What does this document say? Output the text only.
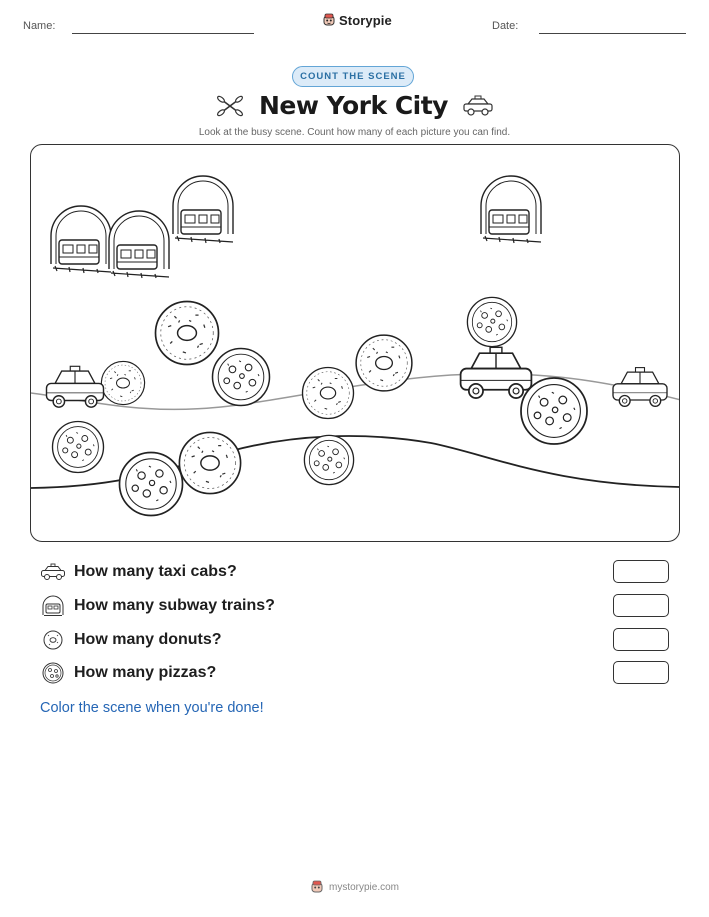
Name:	Storypie	Date:
COUNT THE SCENE
New York City
Look at the busy scene. Count how many of each picture you can find.
How many taxi cabs?
How many subway trains?
How many donuts?
How many pizzas?
Color the scene when you're done!
mystorypie.com
